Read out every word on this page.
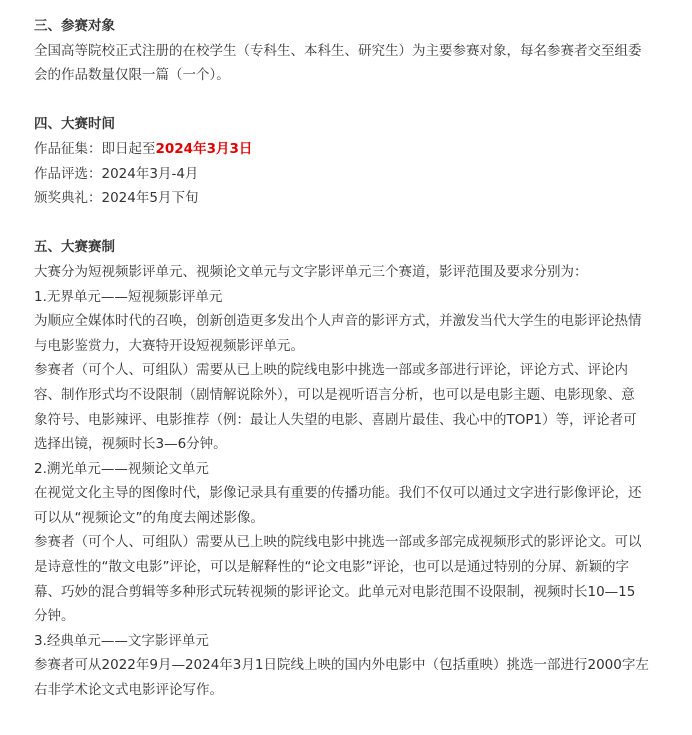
三、参赛对象
全国高等院校正式注册的在校学生（专科生、本科生、研究生）为主要参赛对象，每名参赛者交至组委
会的作品数量仅限一篇（一个）。
四、大赛时间
作品征集：即日起至2024年3月3日
作品评选：2024年3月-4月
颁奖典礼：2024年5月下旬
五、大赛赛制
大赛分为短视频影评单元、视频论文单元与文字影评单元三个赛道，影评范围及要求分别为：
1.无界单元——短视频影评单元
为顺应全媒体时代的召唤，创新创造更多发出个人声音的影评方式，并激发当代大学生的电影评论热情
与电影鉴赏力，大赛特开设短视频影评单元。
参赛者（可个人、可组队）需要从已上映的院线电影中挑选一部或多部进行评论，评论方式、评论内
容、制作形式均不设限制（剧情解说除外），可以是视听语言分析，也可以是电影主题、电影现象、意
象符号、电影辣评、电影推荐（例：最让人失望的电影、喜剧片最佳、我心中的TOP1）等，评论者可
选择出镜，视频时长3—6分钟。
2.溯光单元——视频论文单元
在视觉文化主导的图像时代，影像记录具有重要的传播功能。我们不仅可以通过文字进行影像评论，还
可以从“视频论文”的角度去阐述影像。
参赛者（可个人、可组队）需要从已上映的院线电影中挑选一部或多部完成视频形式的影评论文。可以
是诗意性的“散文电影”评论，可以是解释性的“论文电影”评论，也可以是通过特别的分屏、新颖的字
幕、巧妙的混合剪辑等多种形式玩转视频的影评论文。此单元对电影范围不设限制，视频时长10—15
分钟。
3.经典单元——文字影评单元
参赛者可从2022年9月—2024年3月1日院线上映的国内外电影中（包括重映）挑选一部进行2000字左
右非学术论文式电影评论写作。
